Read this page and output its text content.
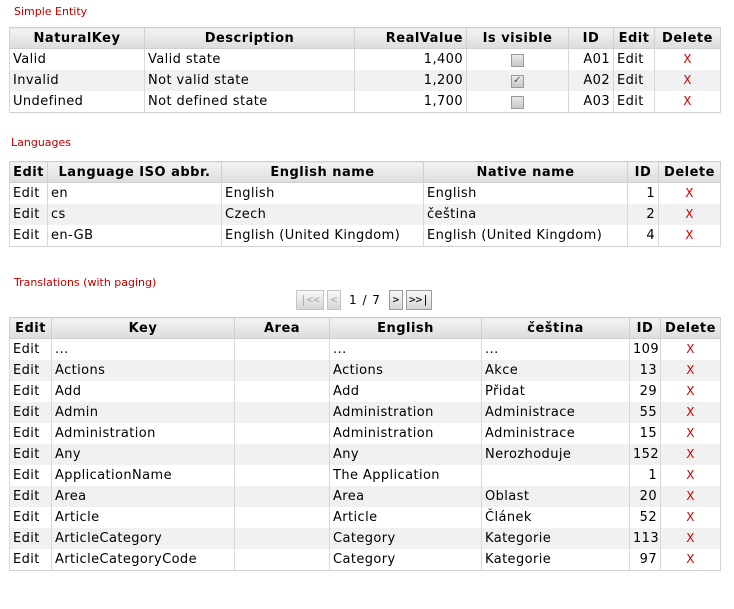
Simple Entity
NaturalKey	Description	RealValue	Is visible	ID	Edit	Delete
Valid	Valid state	1,400		A01	Edit	X
Invalid	Not valid state	1,200	✓	A02	Edit	X
Undefined	Not defined state	1,700		A03	Edit	X
Languages
Edit	Language ISO abbr.	English name	Native name	ID	Delete
Edit	en	English	English	1	X
Edit	cs	Czech	čeština	2	X
Edit	en-GB	English (United Kingdom)	English (United Kingdom)	4	X
Translations (with paging)
|<< < 1 / 7	> >>|
Edit	Key	Area	English	čeština	ID	Delete
Edit	...		...	...	109	X
Edit	Actions		Actions	Akce	13	X
Edit	Add		Add	Přidat	29	X
Edit	Admin		Administration	Administrace	55	X
Edit	Administration		Administration	Administrace	15	X
Edit	Any		Any	Nerozhoduje	152	X
Edit	ApplicationName		The Application		1	X
Edit	Area		Area	Oblast	20	X
Edit	Article		Article	Článek	52	X
Edit	ArticleCategory		Category	Kategorie	113	X
Edit	ArticleCategoryCode		Category	Kategorie	97	X
